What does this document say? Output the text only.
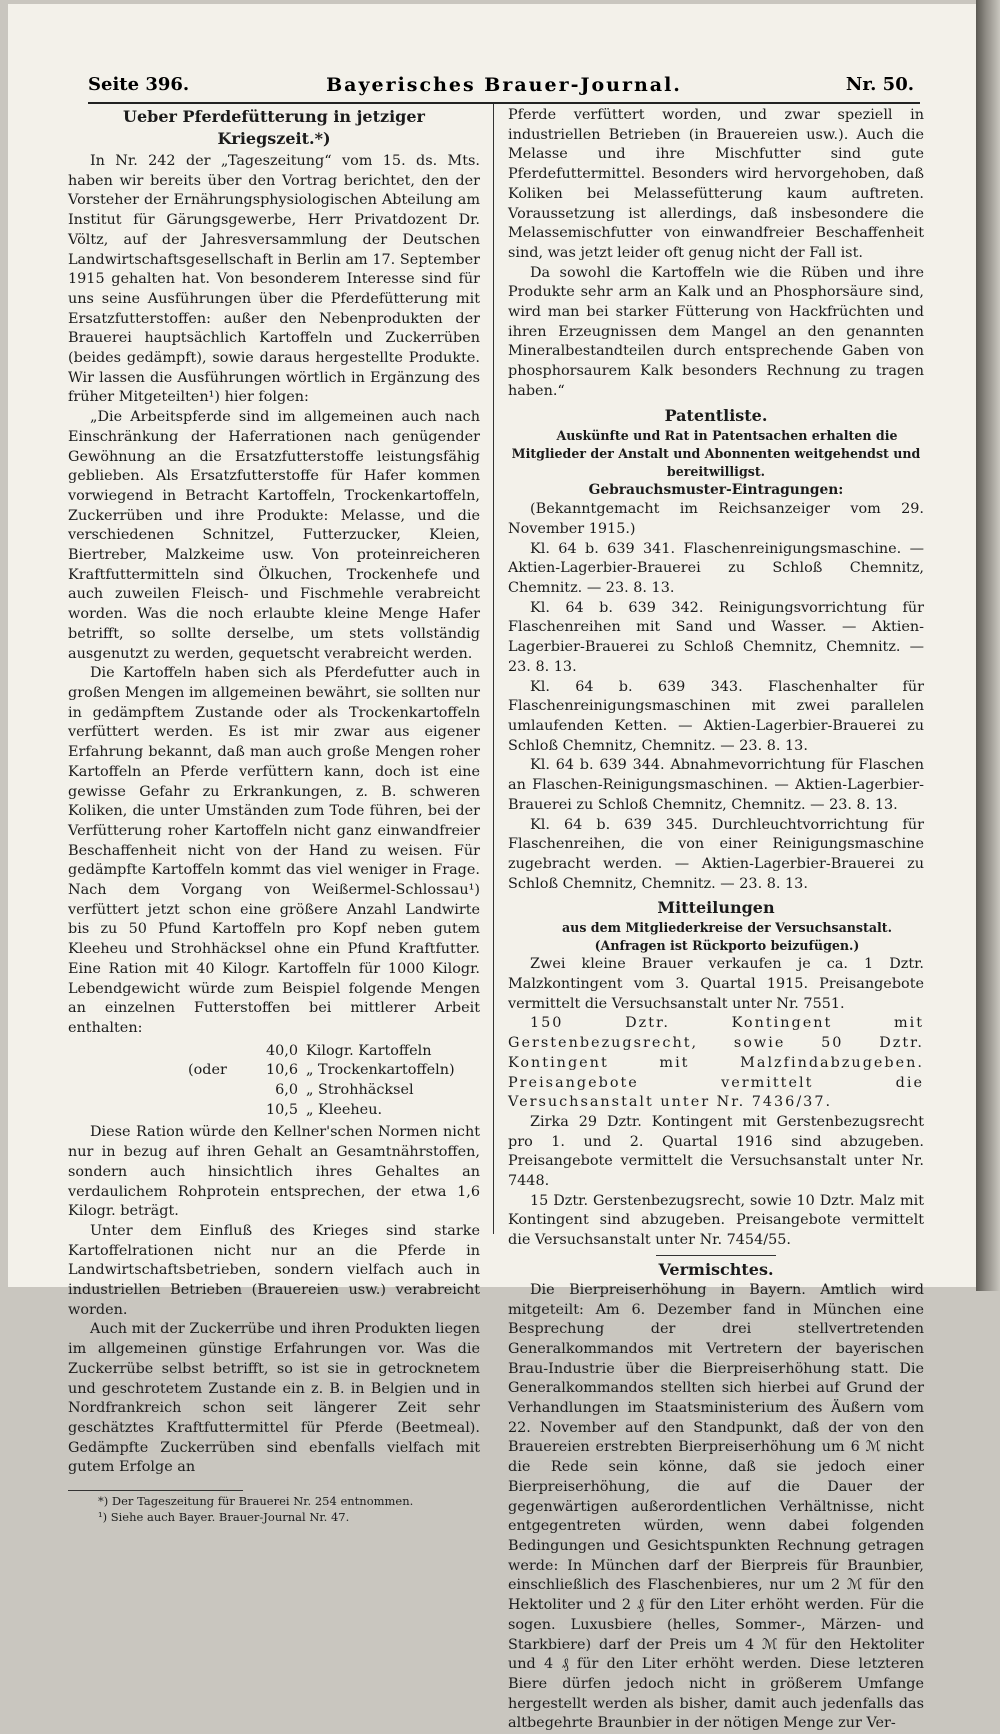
Seite 396.	Bayerisches Brauer-Journal.	Nr. 50.
Ueber Pferdefütterung in jetziger Kriegszeit.*)

In Nr. 242 der „Tageszeitung“ vom 15. ds. Mts. haben wir bereits über den Vortrag berichtet, den der Vorsteher der Ernährungsphysiologischen Abteilung am Institut für Gärungsgewerbe, Herr Privatdozent Dr. Völtz, auf der Jahresversammlung der Deutschen Landwirtschaftsgesellschaft in Berlin am 17. September 1915 gehalten hat. Von besonderem Interesse sind für uns seine Ausführungen über die Pferdefütterung mit Ersatzfutterstoffen: außer den Nebenprodukten der Brauerei hauptsächlich Kartoffeln und Zuckerrüben (beides gedämpft), sowie daraus hergestellte Produkte. Wir lassen die Ausführungen wörtlich in Ergänzung des früher Mitgeteilten¹) hier folgen:

„Die Arbeitspferde sind im allgemeinen auch nach Einschränkung der Haferrationen nach genügender Gewöhnung an die Ersatzfutterstoffe leistungsfähig geblieben. Als Ersatzfutterstoffe für Hafer kommen vorwiegend in Betracht Kartoffeln, Trockenkartoffeln, Zuckerrüben und ihre Produkte: Melasse, und die verschiedenen Schnitzel, Futterzucker, Kleien, Biertreber, Malzkeime usw. Von proteinreicheren Kraftfuttermitteln sind Ölkuchen, Trockenhefe und auch zuweilen Fleisch- und Fischmehle verabreicht worden. Was die noch erlaubte kleine Menge Hafer betrifft, so sollte derselbe, um stets vollständig ausgenutzt zu werden, gequetscht verabreicht werden.

Die Kartoffeln haben sich als Pferdefutter auch in großen Mengen im allgemeinen bewährt, sie sollten nur in gedämpftem Zustande oder als Trockenkartoffeln verfüttert werden. Es ist mir zwar aus eigener Erfahrung bekannt, daß man auch große Mengen roher Kartoffeln an Pferde verfüttern kann, doch ist eine gewisse Gefahr zu Erkrankungen, z. B. schweren Koliken, die unter Umständen zum Tode führen, bei der Verfütterung roher Kartoffeln nicht ganz einwandfreier Beschaffenheit nicht von der Hand zu weisen. Für gedämpfte Kartoffeln kommt das viel weniger in Frage. Nach dem Vorgang von Weißermel-Schlossau¹) verfüttert jetzt schon eine größere Anzahl Landwirte bis zu 50 Pfund Kartoffeln pro Kopf neben gutem Kleeheu und Strohhäcksel ohne ein Pfund Kraftfutter. Eine Ration mit 40 Kilogr. Kartoffeln für 1000 Kilogr. Lebendgewicht würde zum Beispiel folgende Mengen an einzelnen Futterstoffen bei mittlerer Arbeit enthalten:

40,0 Kilogr. Kartoffeln
(oder	10,6 „ Trockenkartoffeln)
6,0 „ Strohhäcksel
10,5 „ Kleeheu.

Diese Ration würde den Kellner'schen Normen nicht nur in bezug auf ihren Gehalt an Gesamtnährstoffen, sondern auch hinsichtlich ihres Gehaltes an verdaulichem Rohprotein entsprechen, der etwa 1,6 Kilogr. beträgt.

Unter dem Einfluß des Krieges sind starke Kartoffelrationen nicht nur an die Pferde in Landwirtschaftsbetrieben, sondern vielfach auch in industriellen Betrieben (Brauereien usw.) verabreicht worden.

Auch mit der Zuckerrübe und ihren Produkten liegen im allgemeinen günstige Erfahrungen vor. Was die Zuckerrübe selbst betrifft, so ist sie in getrocknetem und geschrotetem Zustande ein z. B. in Belgien und in Nordfrankreich schon seit längerer Zeit sehr geschätztes Kraftfuttermittel für Pferde (Beetmeal). Gedämpfte Zuckerrüben sind ebenfalls vielfach mit gutem Erfolge an

*) Der Tageszeitung für Brauerei Nr. 254 entnommen.

¹) Siehe auch Bayer. Brauer-Journal Nr. 47.

Pferde verfüttert worden, und zwar speziell in industriellen Betrieben (in Brauereien usw.). Auch die Melasse und ihre Mischfutter sind gute Pferdefuttermittel. Besonders wird hervorgehoben, daß Koliken bei Melassefütterung kaum auftreten. Voraussetzung ist allerdings, daß insbesondere die Melassemischfutter von einwandfreier Beschaffenheit sind, was jetzt leider oft genug nicht der Fall ist.

Da sowohl die Kartoffeln wie die Rüben und ihre Produkte sehr arm an Kalk und an Phosphorsäure sind, wird man bei starker Fütterung von Hackfrüchten und ihren Erzeugnissen dem Mangel an den genannten Mineralbestandteilen durch entsprechende Gaben von phosphorsaurem Kalk besonders Rechnung zu tragen haben.“

Patentliste.

Auskünfte und Rat in Patentsachen erhalten die Mitglieder der Anstalt und Abonnenten weitgehendst und bereitwilligst.

Gebrauchsmuster-Eintragungen:

(Bekanntgemacht im Reichsanzeiger vom 29. November 1915.)

Kl. 64 b. 639 341. Flaschenreinigungsmaschine. — Aktien-Lagerbier-Brauerei zu Schloß Chemnitz, Chemnitz. — 23. 8. 13.

Kl. 64 b. 639 342. Reinigungsvorrichtung für Flaschenreihen mit Sand und Wasser. — Aktien-Lagerbier-Brauerei zu Schloß Chemnitz, Chemnitz. — 23. 8. 13.

Kl. 64 b. 639 343. Flaschenhalter für Flaschenreinigungsmaschinen mit zwei parallelen umlaufenden Ketten. — Aktien-Lagerbier-Brauerei zu Schloß Chemnitz, Chemnitz. — 23. 8. 13.

Kl. 64 b. 639 344. Abnahmevorrichtung für Flaschen an Flaschen-Reinigungsmaschinen. — Aktien-Lagerbier-Brauerei zu Schloß Chemnitz, Chemnitz. — 23. 8. 13.

Kl. 64 b. 639 345. Durchleuchtvorrichtung für Flaschenreihen, die von einer Reinigungsmaschine zugebracht werden. — Aktien-Lagerbier-Brauerei zu Schloß Chemnitz, Chemnitz. — 23. 8. 13.

Mitteilungen

aus dem Mitgliederkreise der Versuchsanstalt.

(Anfragen ist Rückporto beizufügen.)

Zwei kleine Brauer verkaufen je ca. 1 Dztr. Malzkontingent vom 3. Quartal 1915. Preisangebote vermittelt die Versuchsanstalt unter Nr. 7551.

150 Dztr. Kontingent mit Gerstenbezugsrecht, sowie 50 Dztr. Kontingent mit Malzfindabzugeben. Preisangebote vermittelt die Versuchsanstalt unter Nr. 7436/37.

Zirka 29 Dztr. Kontingent mit Gerstenbezugsrecht pro 1. und 2. Quartal 1916 sind abzugeben. Preisangebote vermittelt die Versuchsanstalt unter Nr. 7448.

15 Dztr. Gerstenbezugsrecht, sowie 10 Dztr. Malz mit Kontingent sind abzugeben. Preisangebote vermittelt die Versuchsanstalt unter Nr. 7454/55.

Vermischtes.

Die Bierpreiserhöhung in Bayern. Amtlich wird mitgeteilt: Am 6. Dezember fand in München eine Besprechung der drei stellvertretenden Generalkommandos mit Vertretern der bayerischen Brau-Industrie über die Bierpreiserhöhung statt. Die Generalkommandos stellten sich hierbei auf Grund der Verhandlungen im Staatsministerium des Äußern vom 22. November auf den Standpunkt, daß der von den Brauereien erstrebten Bierpreiserhöhung um 6 ℳ nicht die Rede sein könne, daß sie jedoch einer Bierpreiserhöhung, die auf die Dauer der gegenwärtigen außerordentlichen Verhältnisse, nicht entgegentreten würden, wenn dabei folgenden Bedingungen und Gesichtspunkten Rechnung getragen werde: In München darf der Bierpreis für Braunbier, einschließlich des Flaschenbieres, nur um 2 ℳ für den Hektoliter und 2 ₰ für den Liter erhöht werden. Für die sogen. Luxusbiere (helles, Sommer-, Märzen- und Starkbiere) darf der Preis um 4 ℳ für den Hektoliter und 4 ₰ für den Liter erhöht werden. Diese letzteren Biere dürfen jedoch nicht in größerem Umfange hergestellt werden als bisher, damit auch jedenfalls das altbegehrte Braunbier in der nötigen Menge zur Ver-
